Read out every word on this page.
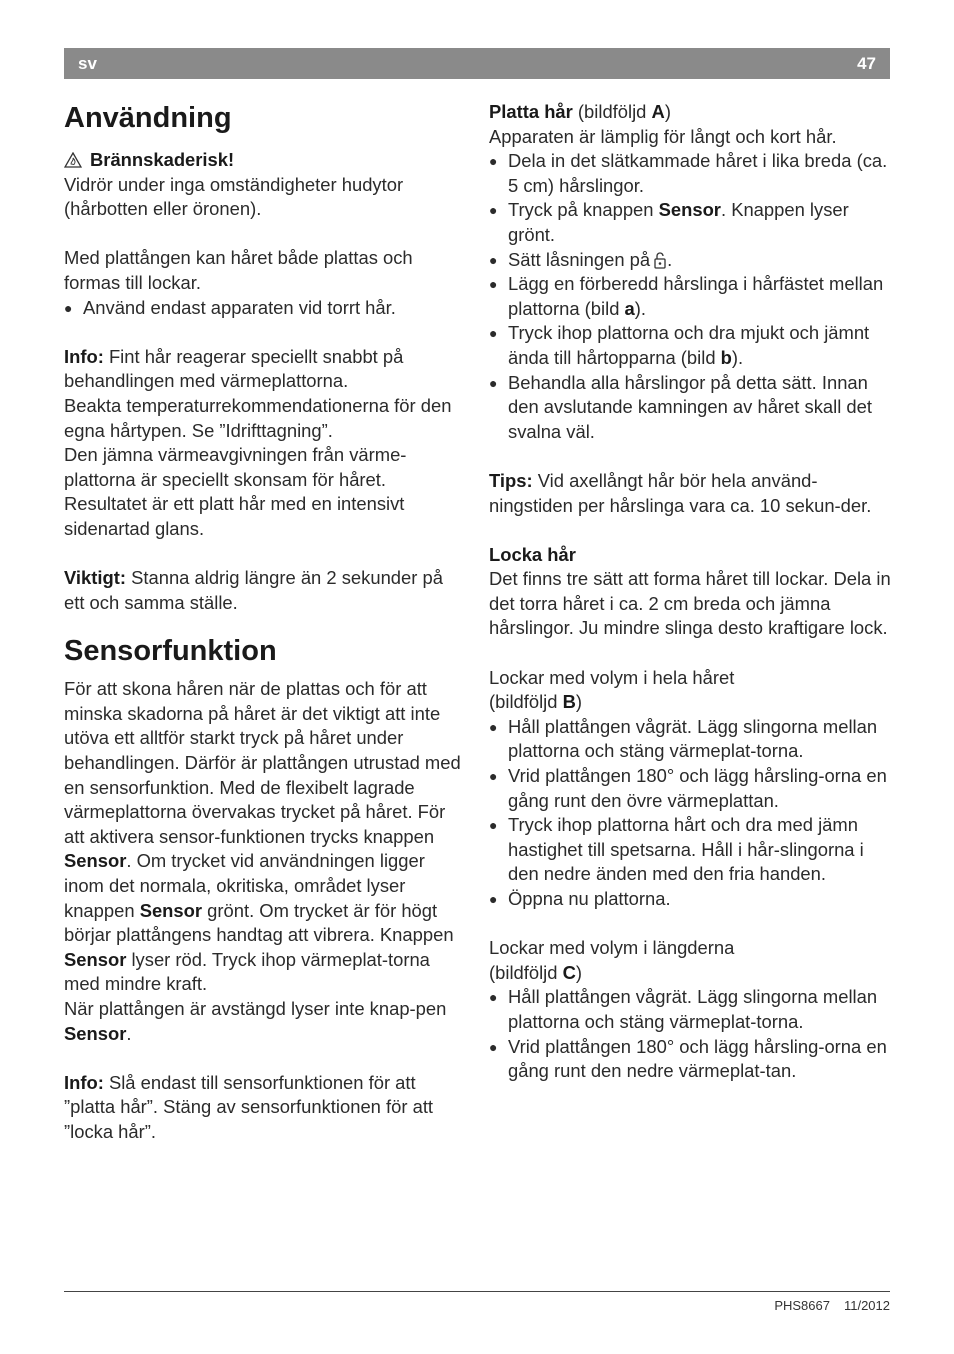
sv	47
Användning

Brännskaderisk!

Vidrör under inga omständigheter hudytor (hårbotten eller öronen).

Med plattången kan håret både plattas och formas till lockar.

● Använd endast apparaten vid torrt hår.

Info: Fint hår reagerar speciellt snabbt på behandlingen med värmeplattorna.

Beakta temperaturrekommendationerna för den egna hårtypen. Se ”Idrifttagning”.

Den jämna värmeavgivningen från värme-plattorna är speciellt skonsam för håret. Resultatet är ett platt hår med en intensivt sidenartad glans.

Viktigt: Stanna aldrig längre än 2 sekunder på ett och samma ställe.

Sensorfunktion

För att skona håren när de plattas och för att minska skadorna på håret är det viktigt att inte utöva ett alltför starkt tryck på håret under behandlingen. Därför är plattången utrustad med en sensorfunktion. Med de flexibelt lagrade värmeplattorna övervakas trycket på håret. För att aktivera sensor-funktionen trycks knappen Sensor. Om trycket vid användningen ligger inom det normala, okritiska, området lyser knappen Sensor grönt. Om trycket är för högt börjar plattångens handtag att vibrera. Knappen Sensor lyser röd. Tryck ihop värmeplat-torna med mindre kraft.

När plattången är avstängd lyser inte knap-pen Sensor.

Info: Slå endast till sensorfunktionen för att ”platta hår”. Stäng av sensorfunktionen för att ”locka hår”.

Platta hår (bildföljd A)

Apparaten är lämplig för långt och kort hår.

● Dela in det slätkammade håret i lika breda (ca. 5 cm) hårslingor.

● Tryck på knappen Sensor. Knappen lyser grönt.

● Sätt låsningen på .

● Lägg en förberedd hårslinga i hårfästet mellan plattorna (bild a).

● Tryck ihop plattorna och dra mjukt och jämnt ända till hårtopparna (bild b).

● Behandla alla hårslingor på detta sätt. Innan den avslutande kamningen av håret skall det svalna väl.

Tips: Vid axellångt hår bör hela använd-ningstiden per hårslinga vara ca. 10 sekun-der.

Locka hår

Det finns tre sätt att forma håret till lockar. Dela in det torra håret i ca. 2 cm breda och jämna hårslingor. Ju mindre slinga desto kraftigare lock.

Lockar med volym i hela håret

(bildföljd B)

● Håll plattången vågrät. Lägg slingorna mellan plattorna och stäng värmeplat-torna.

● Vrid plattången 180° och lägg hårsling-orna en gång runt den övre värmeplattan.

● Tryck ihop plattorna hårt och dra med jämn hastighet till spetsarna. Håll i hår-slingorna i den nedre änden med den fria handen.

● Öppna nu plattorna.

Lockar med volym i längderna

(bildföljd C)

● Håll plattången vågrät. Lägg slingorna mellan plattorna och stäng värmeplat-torna.

● Vrid plattången 180° och lägg hårsling-orna en gång runt den nedre värmeplat-tan.

PHS8667 11/2012
